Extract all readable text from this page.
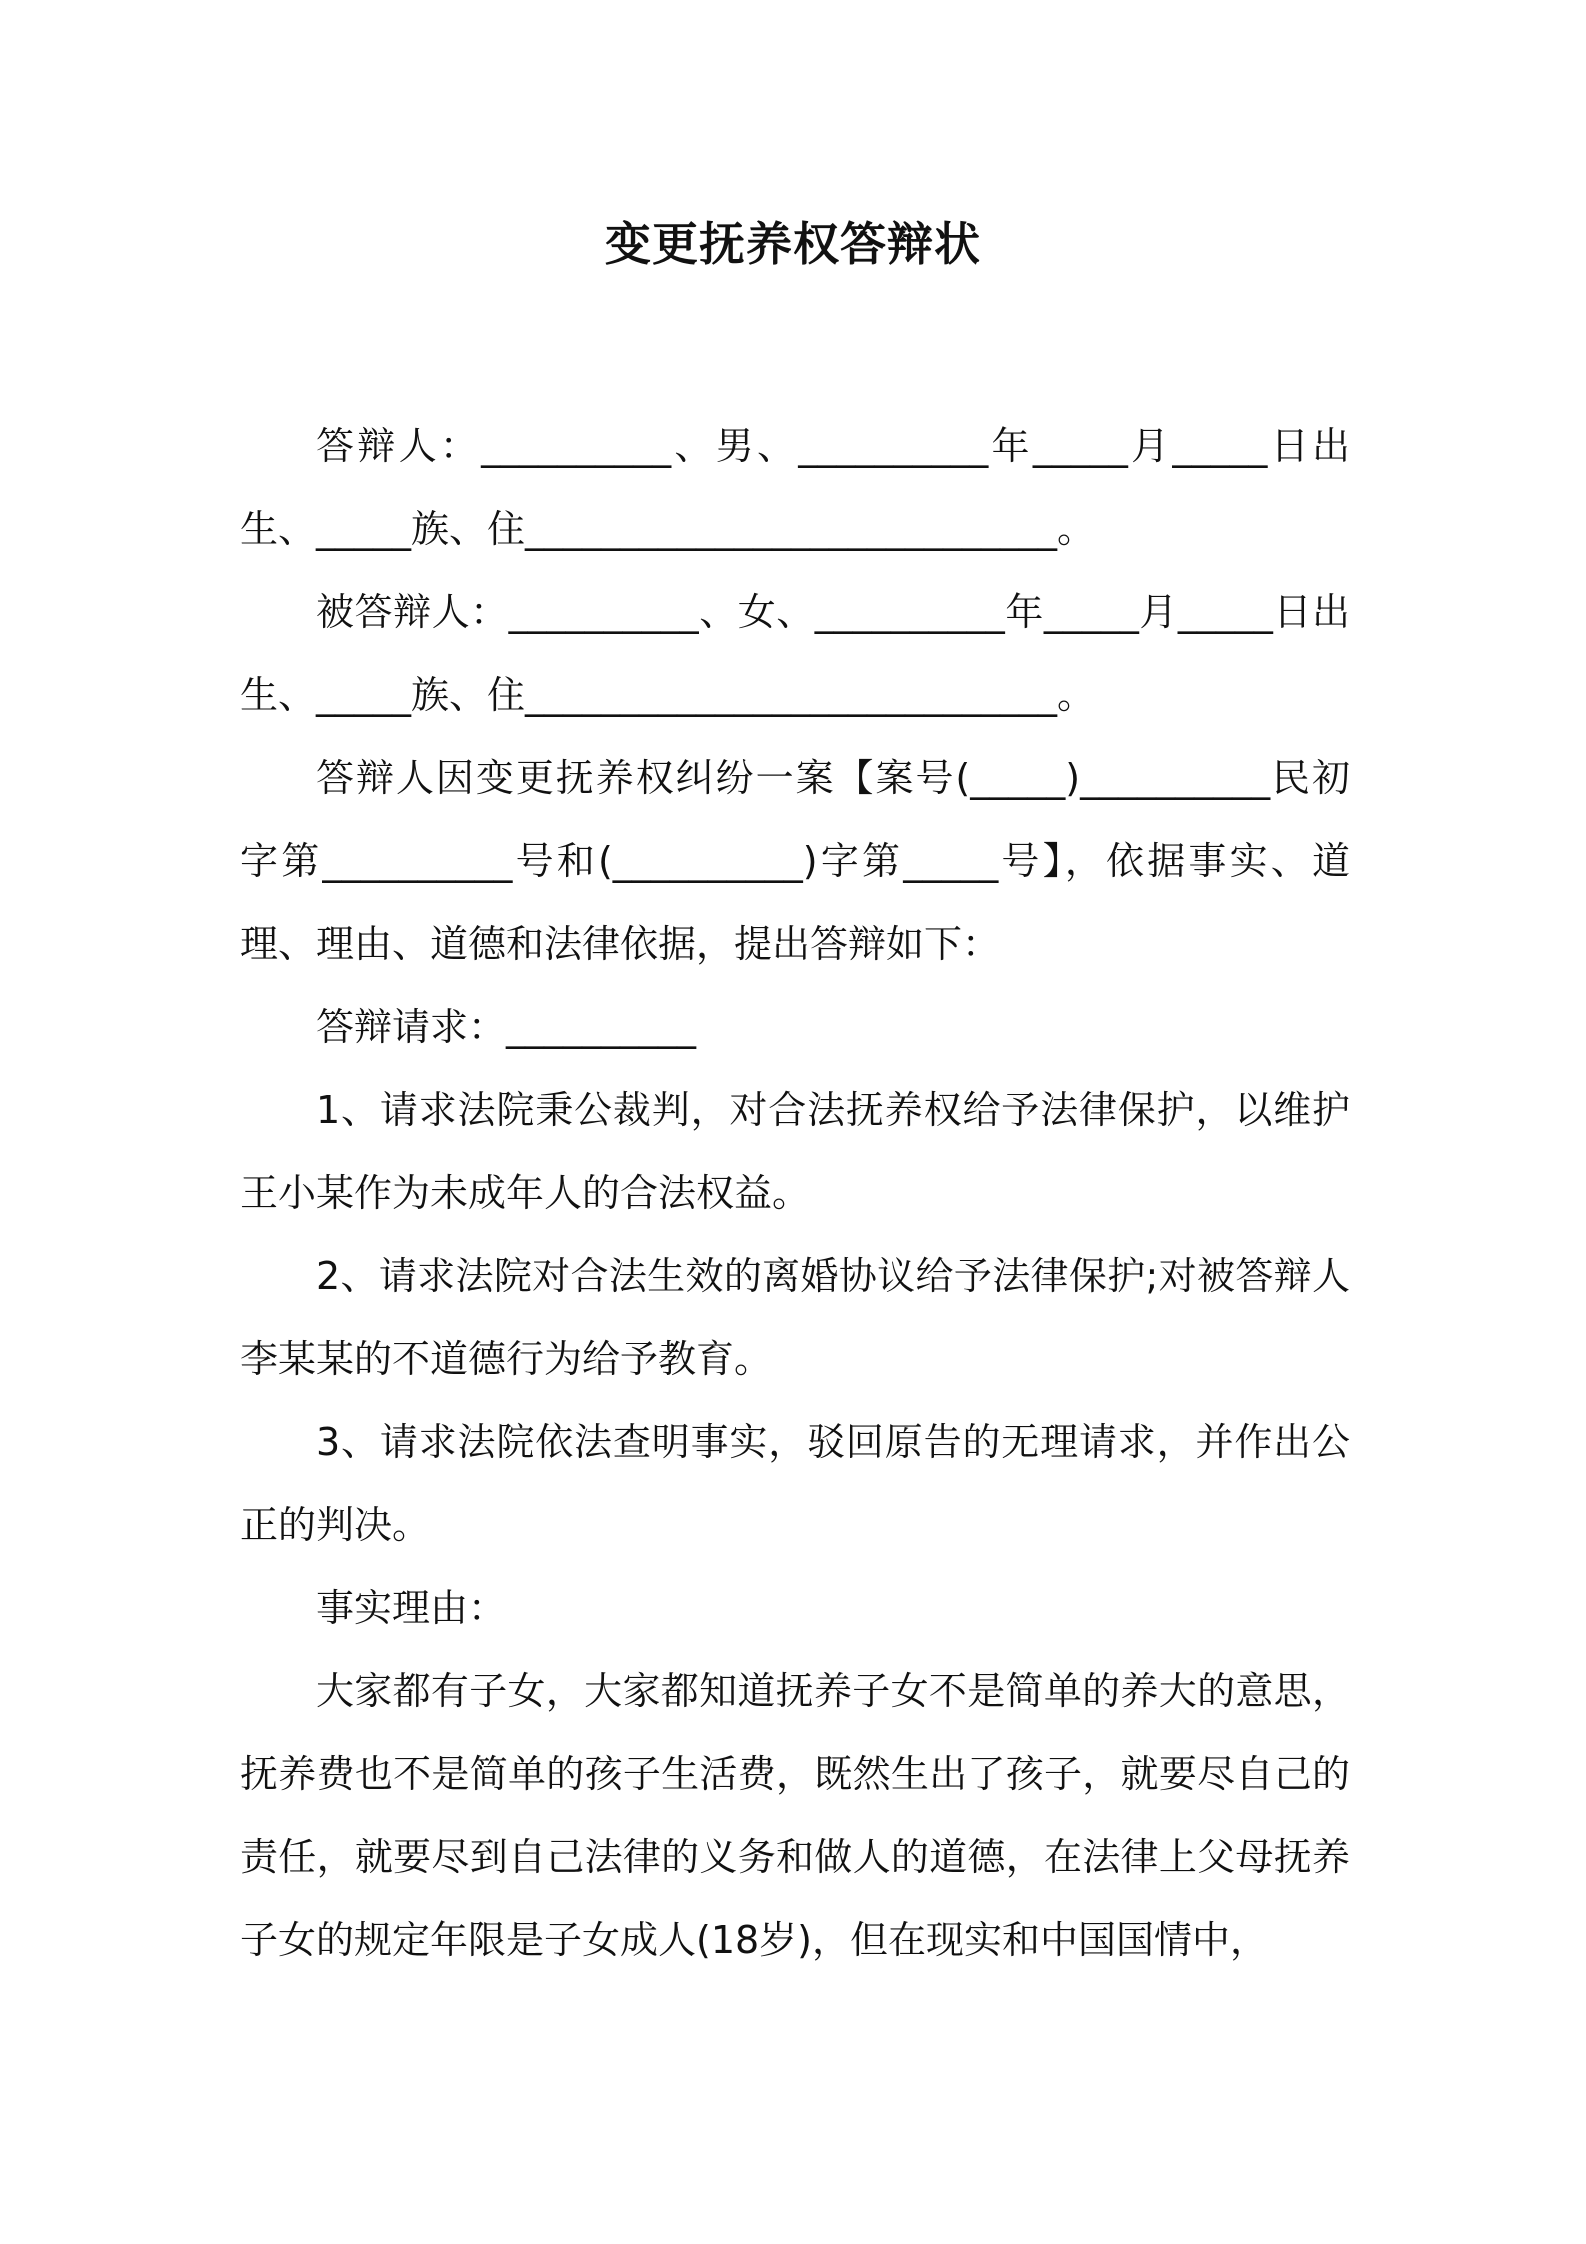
变更抚养权答辩状

答辩人：__________、男、__________年_____月_____日出生、_____族、住____________________________。

被答辩人：__________、女、__________年_____月_____日出生、_____族、住____________________________。

答辩人因变更抚养权纠纷一案【案号(_____)__________民初字第__________号和(__________)字第_____号】，依据事实、道理、理由、道德和法律依据，提出答辩如下：

答辩请求：__________

1、请求法院秉公裁判，对合法抚养权给予法律保护，以维护王小某作为未成年人的合法权益。

2、请求法院对合法生效的离婚协议给予法律保护;对被答辩人李某某的不道德行为给予教育。

3、请求法院依法查明事实，驳回原告的无理请求，并作出公正的判决。

事实理由：

大家都有子女，大家都知道抚养子女不是简单的养大的意思，抚养费也不是简单的孩子生活费，既然生出了孩子，就要尽自己的责任，就要尽到自己法律的义务和做人的道德，在法律上父母抚养子女的规定年限是子女成人(18岁)，但在现实和中国国情中，
